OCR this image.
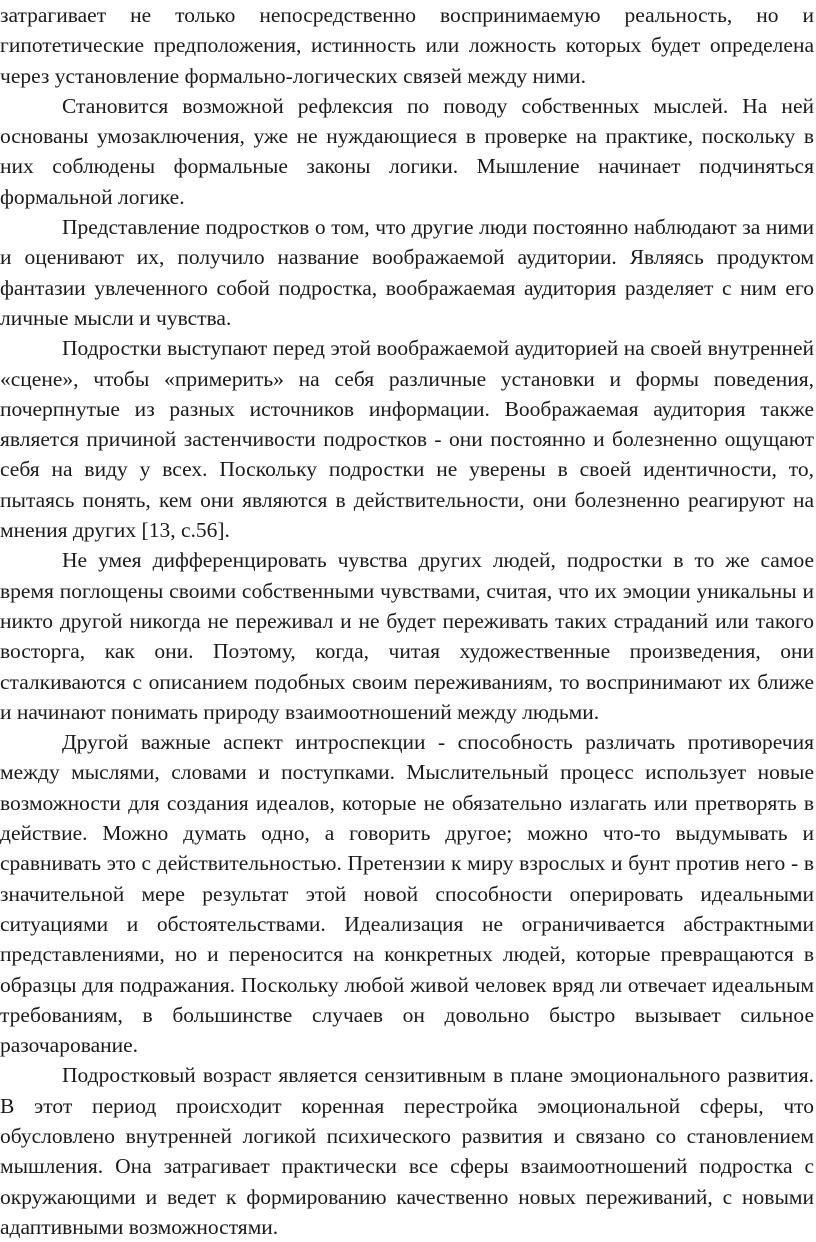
затрагивает не только непосредственно воспринимаемую реальность, но и гипотетические предположения, истинность или ложность которых будет определена через установление формально-логических связей между ними.

Становится возможной рефлексия по поводу собственных мыслей. На ней основаны умозаключения, уже не нуждающиеся в проверке на практике, поскольку в них соблюдены формальные законы логики. Мышление начинает подчиняться формальной логике.

Представление подростков о том, что другие люди постоянно наблюдают за ними и оценивают их, получило название воображаемой аудитории. Являясь продуктом фантазии увлеченного собой подростка, воображаемая аудитория разделяет с ним его личные мысли и чувства.

Подростки выступают перед этой воображаемой аудиторией на своей внутренней «сцене», чтобы «примерить» на себя различные установки и формы поведения, почерпнутые из разных источников информации. Воображаемая аудитория также является причиной застенчивости подростков - они постоянно и болезненно ощущают себя на виду у всех. Поскольку подростки не уверены в своей идентичности, то, пытаясь понять, кем они являются в действительности, они болезненно реагируют на мнения других [13, с.56].

Не умея дифференцировать чувства других людей, подростки в то же самое время поглощены своими собственными чувствами, считая, что их эмоции уникальны и никто другой никогда не переживал и не будет переживать таких страданий или такого восторга, как они. Поэтому, когда, читая художественные произведения, они сталкиваются с описанием подобных своим переживаниям, то воспринимают их ближе и начинают понимать природу взаимоотношений между людьми.

Другой важные аспект интроспекции - способность различать противоречия между мыслями, словами и поступками. Мыслительный процесс использует новые возможности для создания идеалов, которые не обязательно излагать или претворять в действие. Можно думать одно, а говорить другое; можно что-то выдумывать и сравнивать это с действительностью. Претензии к миру взрослых и бунт против него - в значительной мере результат этой новой способности оперировать идеальными ситуациями и обстоятельствами. Идеализация не ограничивается абстрактными представлениями, но и переносится на конкретных людей, которые превращаются в образцы для подражания. Поскольку любой живой человек вряд ли отвечает идеальным требованиям, в большинстве случаев он довольно быстро вызывает сильное разочарование.

Подростковый возраст является сензитивным в плане эмоционального развития. В этот период происходит коренная перестройка эмоциональной сферы, что обусловлено внутренней логикой психического развития и связано со становлением мышления. Она затрагивает практически все сферы взаимоотношений подростка с окружающими и ведет к формированию качественно новых переживаний, с новыми адаптивными возможностями.
